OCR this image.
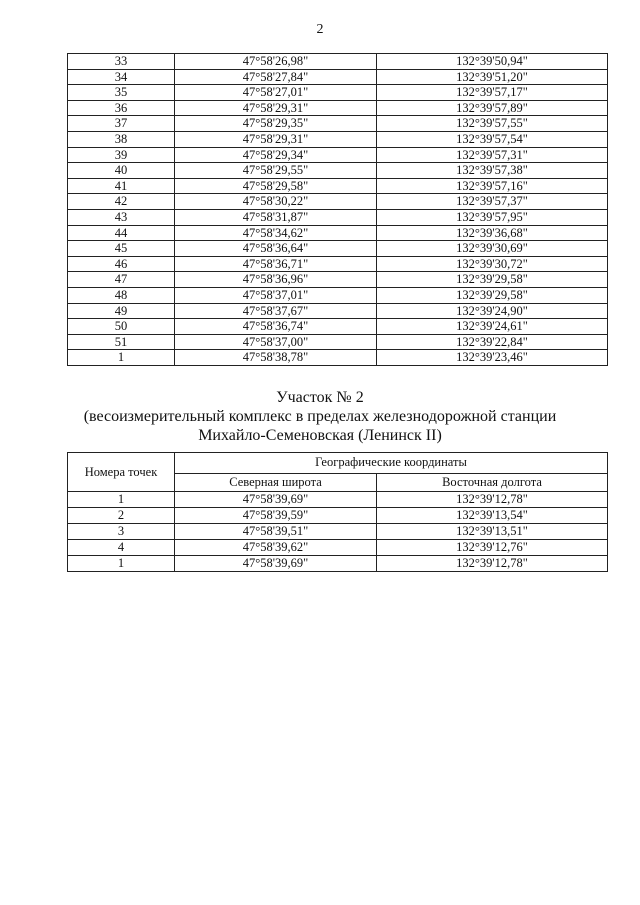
2
33	47°58'26,98"	132°39'50,94"
34	47°58'27,84"	132°39'51,20"
35	47°58'27,01"	132°39'57,17"
36	47°58'29,31"	132°39'57,89"
37	47°58'29,35"	132°39'57,55"
38	47°58'29,31"	132°39'57,54"
39	47°58'29,34"	132°39'57,31"
40	47°58'29,55"	132°39'57,38"
41	47°58'29,58"	132°39'57,16"
42	47°58'30,22"	132°39'57,37"
43	47°58'31,87"	132°39'57,95"
44	47°58'34,62"	132°39'36,68"
45	47°58'36,64"	132°39'30,69"
46	47°58'36,71"	132°39'30,72"
47	47°58'36,96"	132°39'29,58"
48	47°58'37,01"	132°39'29,58"
49	47°58'37,67"	132°39'24,90"
50	47°58'36,74"	132°39'24,61"
51	47°58'37,00"	132°39'22,84"
1	47°58'38,78"	132°39'23,46"
Участок № 2
(весоизмерительный комплекс в пределах железнодорожной станции
Михайло-Семеновская (Ленинск II)
Номера точек	Географические координаты	
	Северная широта	Восточная долгота
1	47°58'39,69"	132°39'12,78"
2	47°58'39,59"	132°39'13,54"
3	47°58'39,51"	132°39'13,51"
4	47°58'39,62"	132°39'12,76"
1	47°58'39,69"	132°39'12,78"
